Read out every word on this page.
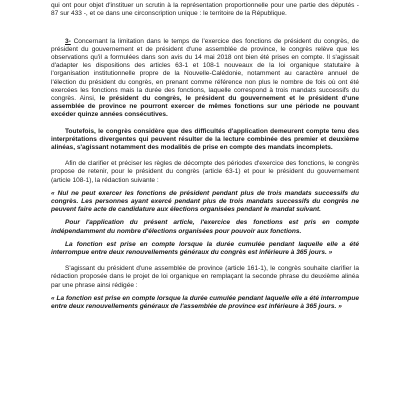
qui ont pour objet d'instituer un scrutin à la représentation proportionnelle pour une partie des députés - 87 sur 433 -, et ce dans une circonscription unique : le territoire de la République.

3- Concernant la limitation dans le temps de l'exercice des fonctions de président du congrès, de président du gouvernement et de président d'une assemblée de province, le congrès relève que les observations qu'il a formulées dans son avis du 14 mai 2018 ont bien été prises en compte. Il s'agissait d'adapter les dispositions des articles 63-1 et 108-1 nouveaux de la loi organique statutaire à l'organisation institutionnelle propre de la Nouvelle-Calédonie, notamment au caractère annuel de l'élection du président du congrès, en prenant comme référence non plus le nombre de fois où ont été exercées les fonctions mais la durée des fonctions, laquelle correspond à trois mandats successifs du congrès. Ainsi, le président du congrès, le président du gouvernement et le président d'une assemblée de province ne pourront exercer de mêmes fonctions sur une période ne pouvant excéder quinze années consécutives.

Toutefois, le congrès considère que des difficultés d'application demeurent compte tenu des interprétations divergentes qui peuvent résulter de la lecture combinée des premier et deuxième alinéas, s'agissant notamment des modalités de prise en compte des mandats incomplets.

Afin de clarifier et préciser les règles de décompte des périodes d'exercice des fonctions, le congrès propose de retenir, pour le président du congrès (article 63-1) et pour le président du gouvernement (article 108-1), la rédaction suivante :

« Nul ne peut exercer les fonctions de président pendant plus de trois mandats successifs du congrès. Les personnes ayant exercé pendant plus de trois mandats successifs du congrès ne peuvent faire acte de candidature aux élections organisées pendant le mandat suivant.

Pour l'application du présent article, l'exercice des fonctions est pris en compte indépendamment du nombre d'élections organisées pour pouvoir aux fonctions.

La fonction est prise en compte lorsque la durée cumulée pendant laquelle elle a été interrompue entre deux renouvellements généraux du congrès est inférieure à 365 jours. »

S'agissant du président d'une assemblée de province (article 161-1), le congrès souhaite clarifier la rédaction proposée dans le projet de loi organique en remplaçant la seconde phrase du deuxième alinéa par une phrase ainsi rédigée :

« La fonction est prise en compte lorsque la durée cumulée pendant laquelle elle a été interrompue entre deux renouvellements généraux de l'assemblée de province est inférieure à 365 jours. »
